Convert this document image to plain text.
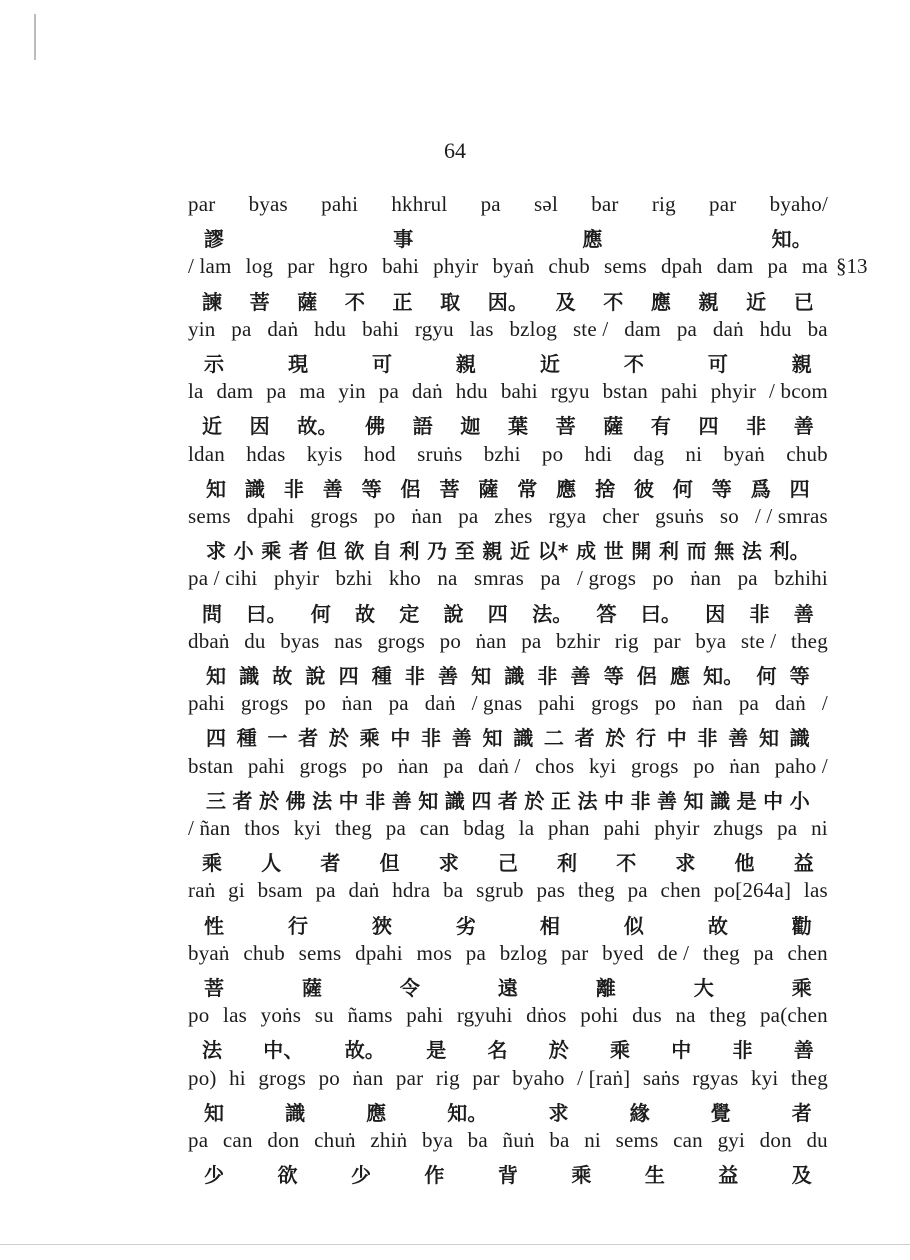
64
par byas pahi hkhrul pa səl bar rig par byaho/
謬	事	應	知。
/ lam log par hgro bahi phyir byaṅ chub sems dpah dam pa ma
諫 菩 薩 不 正 取 因。 及 不 應 親 近 已
yin pa daṅ hdu bahi rgyu las bzlog ste / dam pa daṅ hdu ba
示	現	可	親	近	不	可	親
la dam pa ma yin pa daṅ hdu bahi rgyu bstan pahi phyir / bcom
近 因 故。 佛 語 迦 葉 菩 薩 有 四 非 善
ldan hdas kyis hod sruṅs bzhi po hdi dag ni byaṅ chub
知 識 非 善 等 侶 菩 薩 常 應 捨 彼 何 等 爲 四
sems dpahi grogs po ṅan pa zhes rgya cher gsuṅs so / / smras
求 小 乘 者 但 欲 自 利 乃 至 親 近 以* 成 世 開 利 而 無 法 利。
pa / cihi phyir bzhi kho na smras pa / grogs po ṅan pa bzhihi
問 曰。 何 故 定 說 四 法。 答 曰。 因 非 善
dbaṅ du byas nas grogs po ṅan pa bzhir rig par bya ste / theg
知 識 故 說 四 種 非 善 知 識 非 善 等 侶 應 知。 何 等
pahi grogs po ṅan pa daṅ / gnas pahi grogs po ṅan pa daṅ /
四 種 一 者 於 乘 中 非 善 知 識 二 者 於 行 中 非 善 知 識
bstan pahi grogs po ṅan pa daṅ / chos kyi grogs po ṅan paho /
三 者 於 佛 法 中 非 善 知 識 四 者 於 正 法 中 非 善 知 識 是 中 小
/ ñan thos kyi theg pa can bdag la phan pahi phyir zhugs pa ni
乘 人 者 但 求 己 利 不 求 他 益
raṅ gi bsam pa daṅ hdra ba sgrub pas theg pa chen po[264a] las
性	行	狹	劣	相	似	故	勸
byaṅ chub sems dpahi mos pa bzlog par byed de / theg pa chen
菩	薩	令	遠	離	大	乘
po las yoṅs su ñams pahi rgyuhi dṅos pohi dus na theg pa(chen
法 中、 故。 是 名 於 乘 中 非 善
po) hi grogs po ṅan par rig par byaho / [raṅ] saṅs rgyas kyi theg
知	識	應	知。	求	緣	覺	者
pa can don chuṅ zhiṅ bya ba ñuṅ ba ni sems can gyi don du
少	欲	少	作	背	乘	生	益	及
§13
